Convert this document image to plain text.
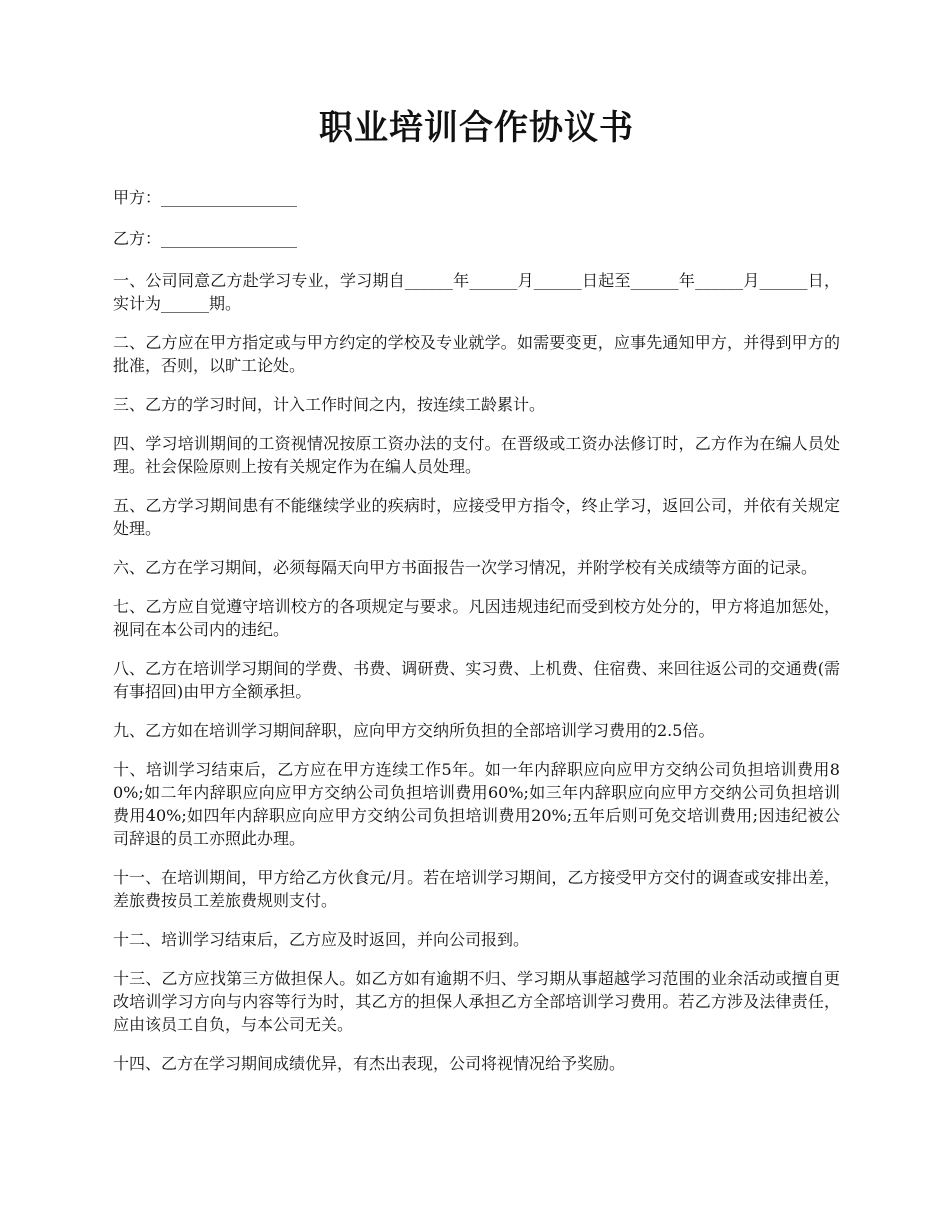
职业培训合作协议书

甲方：_________________

乙方：_________________

一、公司同意乙方赴学习专业，学习期自______年______月______日起至______年______月______日，实计为______期。

二、乙方应在甲方指定或与甲方约定的学校及专业就学。如需要变更，应事先通知甲方，并得到甲方的批准，否则，以旷工论处。

三、乙方的学习时间，计入工作时间之内，按连续工龄累计。

四、学习培训期间的工资视情况按原工资办法的支付。在晋级或工资办法修订时，乙方作为在编人员处理。社会保险原则上按有关规定作为在编人员处理。

五、乙方学习期间患有不能继续学业的疾病时，应接受甲方指令，终止学习，返回公司，并依有关规定处理。

六、乙方在学习期间，必须每隔天向甲方书面报告一次学习情况，并附学校有关成绩等方面的记录。

七、乙方应自觉遵守培训校方的各项规定与要求。凡因违规违纪而受到校方处分的，甲方将追加惩处，视同在本公司内的违纪。

八、乙方在培训学习期间的学费、书费、调研费、实习费、上机费、住宿费、来回往返公司的交通费(需有事招回)由甲方全额承担。

九、乙方如在培训学习期间辞职，应向甲方交纳所负担的全部培训学习费用的2.5倍。

十、培训学习结束后，乙方应在甲方连续工作5年。如一年内辞职应向应甲方交纳公司负担培训费用80%;如二年内辞职应向应甲方交纳公司负担培训费用60%;如三年内辞职应向应甲方交纳公司负担培训费用40%;如四年内辞职应向应甲方交纳公司负担培训费用20%;五年后则可免交培训费用;因违纪被公司辞退的员工亦照此办理。

十一、在培训期间，甲方给乙方伙食元/月。若在培训学习期间，乙方接受甲方交付的调查或安排出差，差旅费按员工差旅费规则支付。

十二、培训学习结束后，乙方应及时返回，并向公司报到。

十三、乙方应找第三方做担保人。如乙方如有逾期不归、学习期从事超越学习范围的业余活动或擅自更改培训学习方向与内容等行为时，其乙方的担保人承担乙方全部培训学习费用。若乙方涉及法律责任，应由该员工自负，与本公司无关。

十四、乙方在学习期间成绩优异，有杰出表现，公司将视情况给予奖励。
